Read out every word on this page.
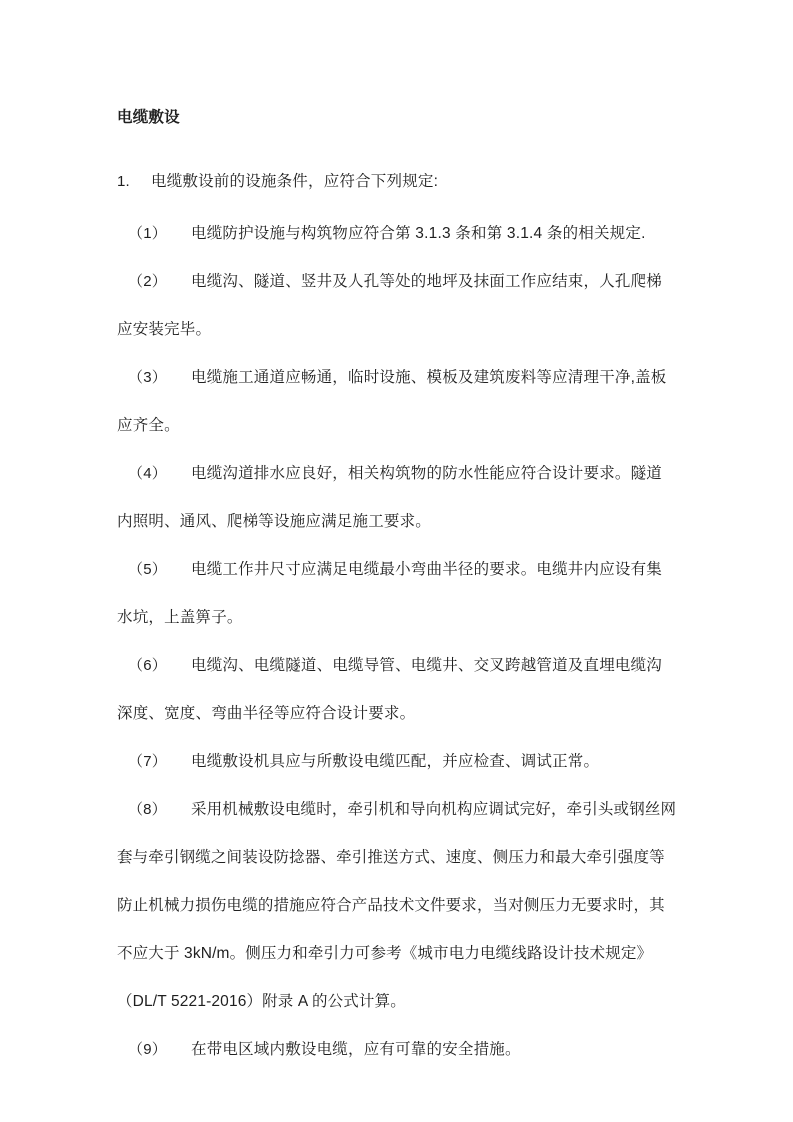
电缆敷设

1.	电缆敷设前的设施条件，应符合下列规定:

（1） 电缆防护设施与构筑物应符合第 3.1.3 条和第 3.1.4 条的相关规定.

（2） 电缆沟、隧道、竖井及人孔等处的地坪及抹面工作应结束，人孔爬梯应安装完毕。

（3） 电缆施工通道应畅通，临时设施、模板及建筑废料等应清理干净,盖板应齐全。

（4） 电缆沟道排水应良好，相关构筑物的防水性能应符合设计要求。隧道内照明、通风、爬梯等设施应满足施工要求。

（5） 电缆工作井尺寸应满足电缆最小弯曲半径的要求。电缆井内应设有集水坑，上盖箅子。

（6） 电缆沟、电缆隧道、电缆导管、电缆井、交叉跨越管道及直埋电缆沟深度、宽度、弯曲半径等应符合设计要求。

（7） 电缆敷设机具应与所敷设电缆匹配，并应检查、调试正常。

（8） 采用机械敷设电缆时，牵引机和导向机构应调试完好，牵引头或钢丝网套与牵引钢缆之间装设防捻器、牵引推送方式、速度、侧压力和最大牵引强度等防止机械力损伤电缆的措施应符合产品技术文件要求，当对侧压力无要求时，其不应大于 3kN/m。侧压力和牵引力可参考《城市电力电缆线路设计技术规定》（DL/T 5221-2016）附录 A 的公式计算。

（9） 在带电区域内敷设电缆，应有可靠的安全措施。
